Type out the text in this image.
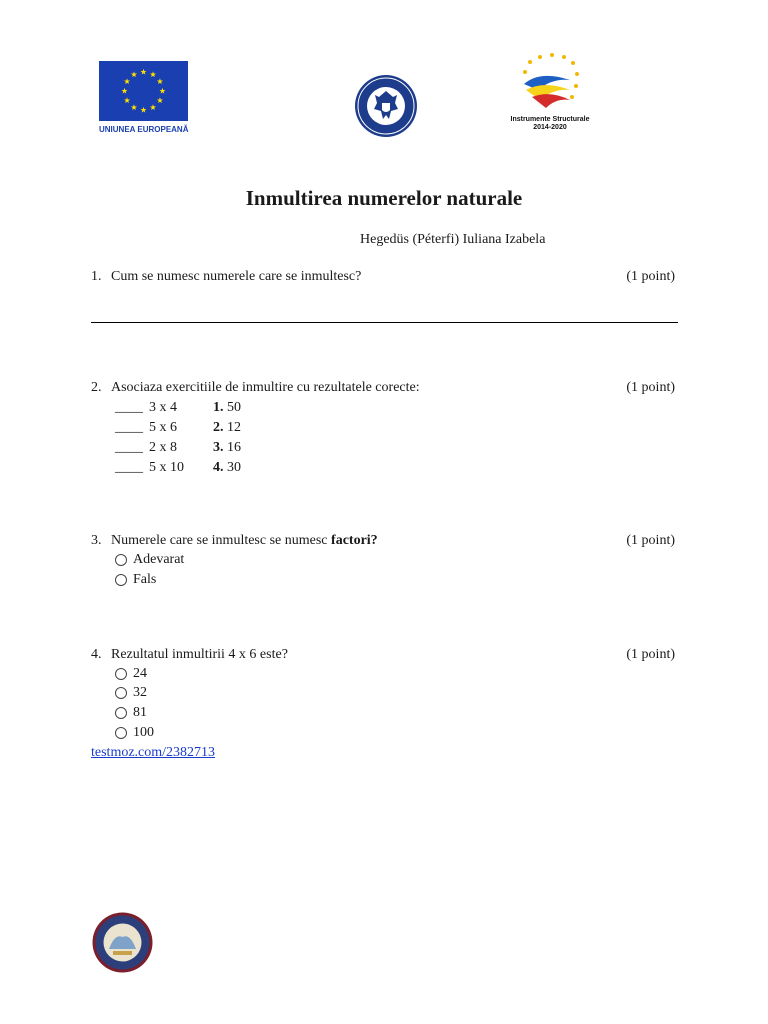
UNIUNEA EUROPEANĂ
Instrumente Structurale
2014-2020
Inmultirea numerelor naturale
Hegedüs (Péterfi) Iuliana Izabela
1. Cum se numesc numerele care se inmultesc?	(1 point)
2. Asociaza exercitiile de inmultire cu rezultatele corecte:	(1 point)
____ 3 x 4	1. 50
____ 5 x 6	2. 12
____ 2 x 8	3. 16
____ 5 x 10 4. 30
3. Numerele care se inmultesc se numesc factori?	(1 point)
Adevarat
Fals
4. Rezultatul inmultirii 4 x 6 este?	(1 point)
24
32
81
100
testmoz.com/2382713
